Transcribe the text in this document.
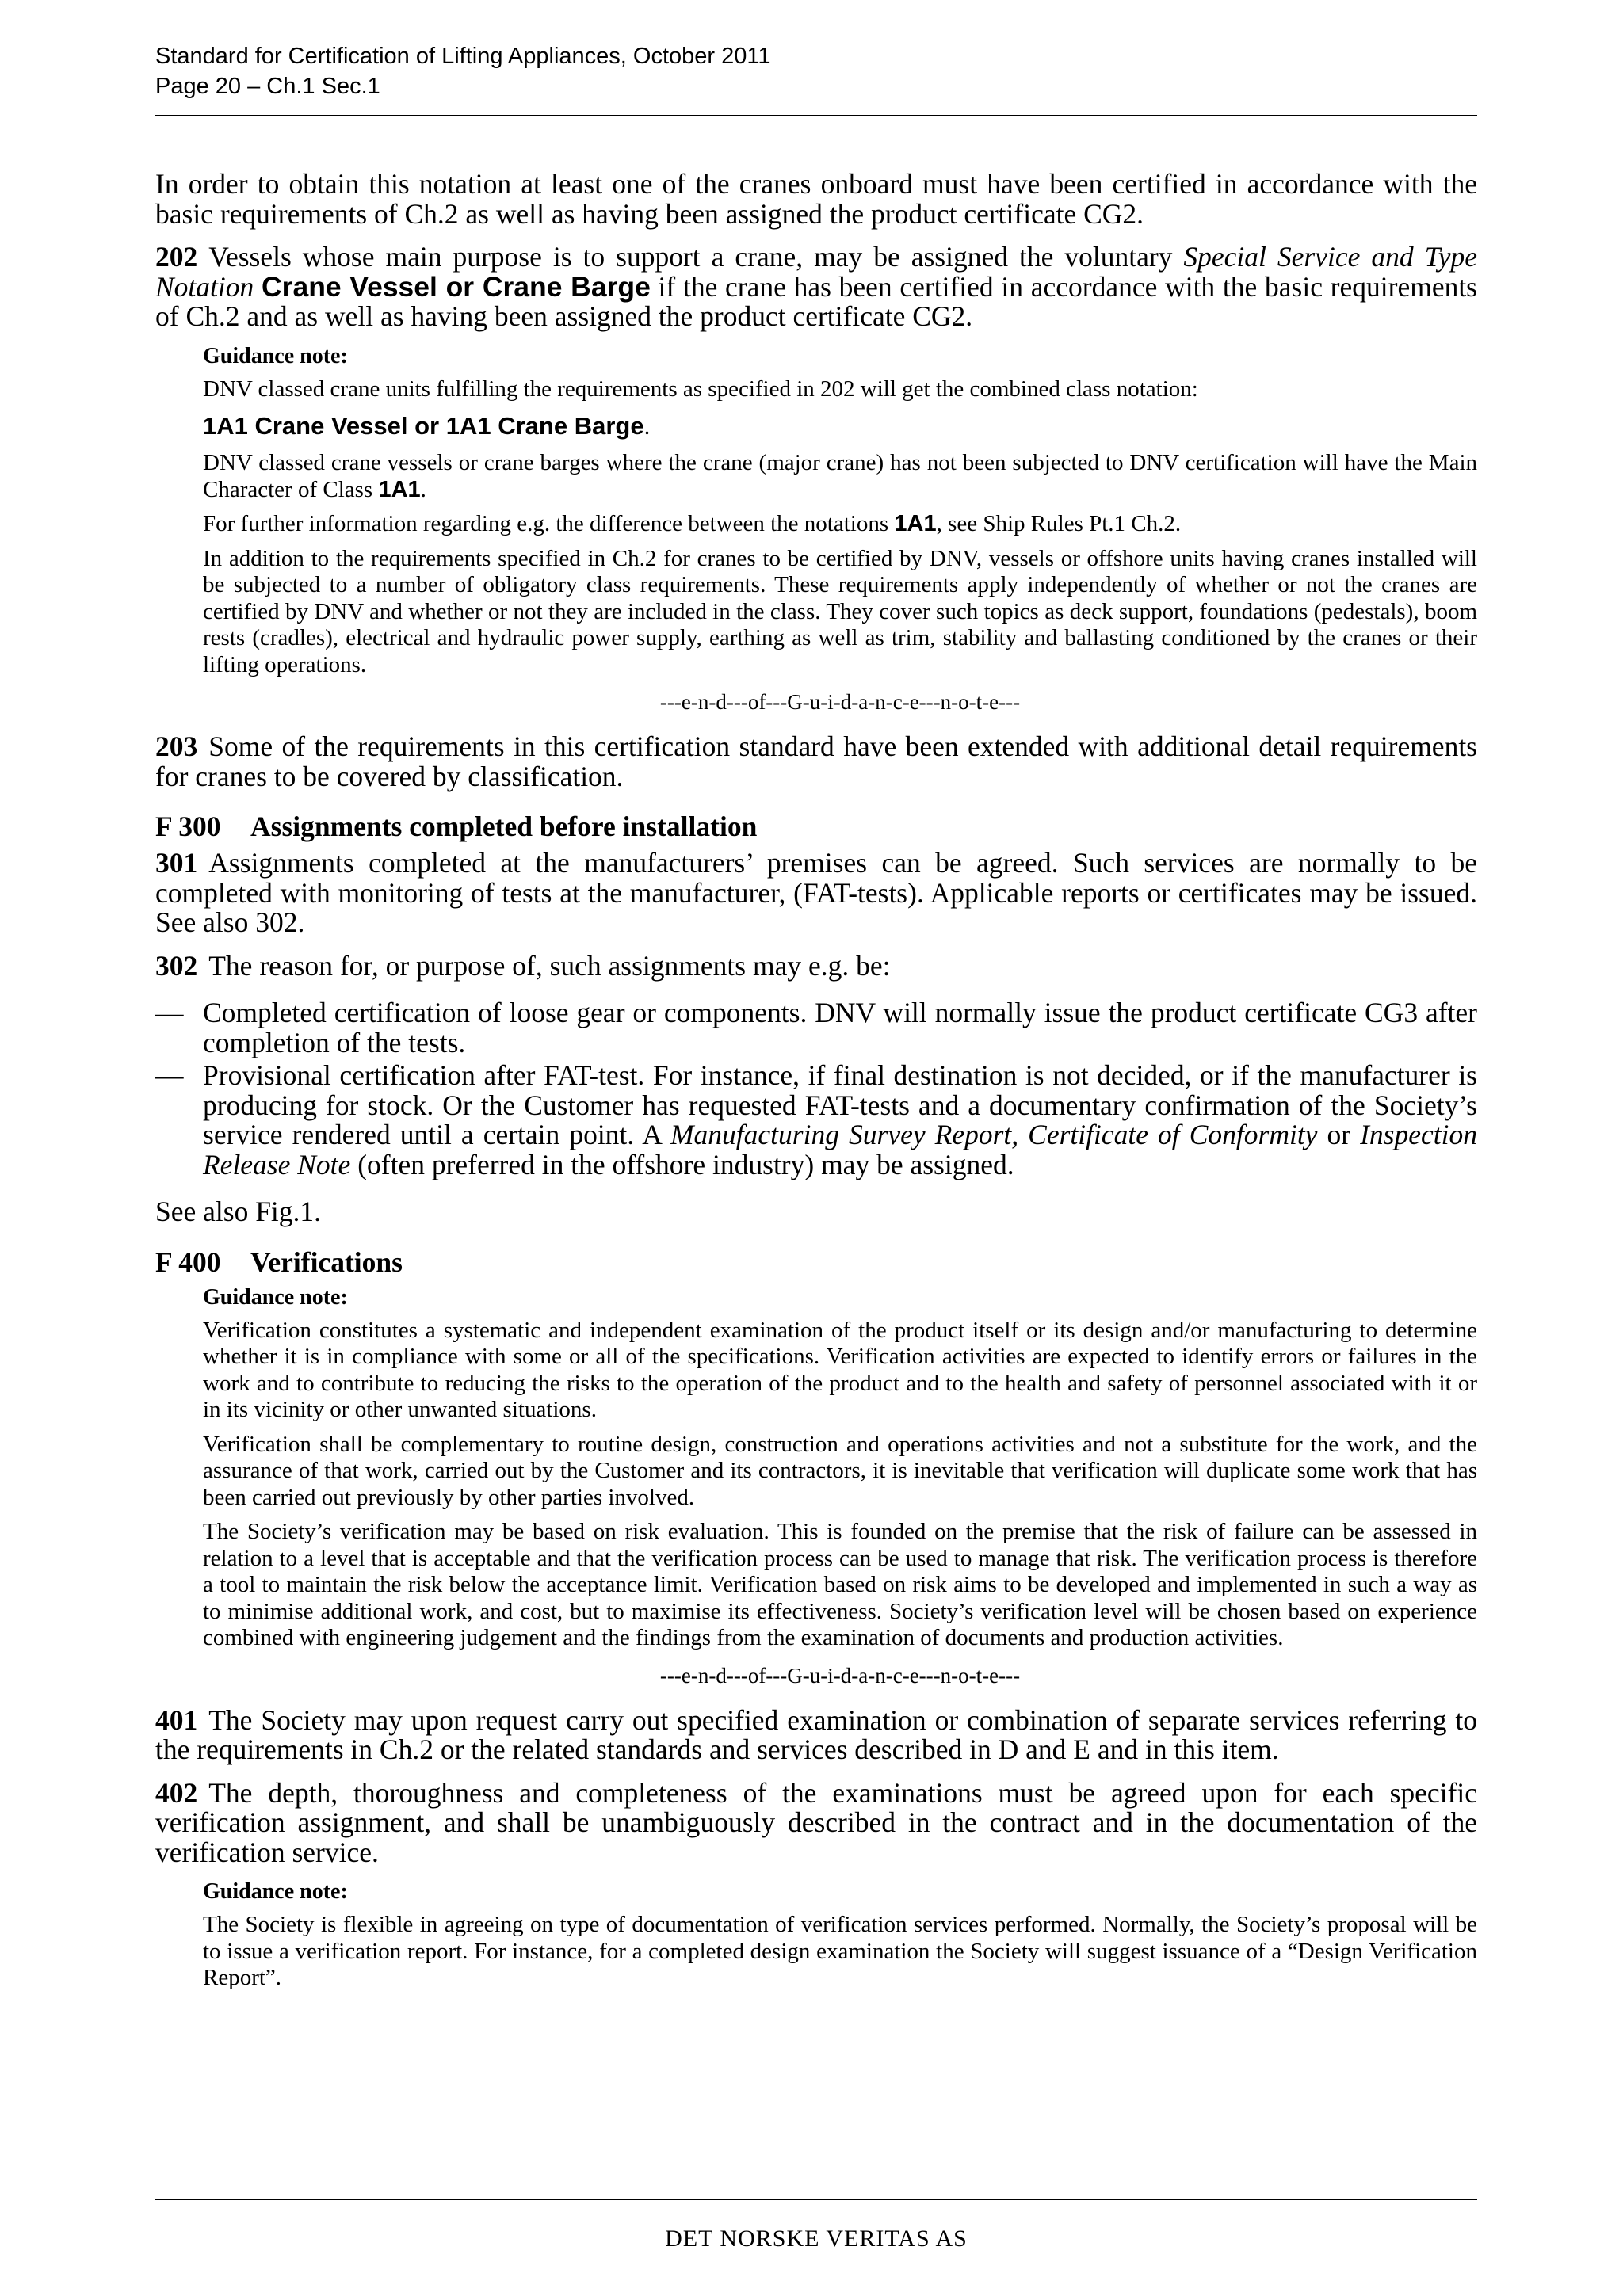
Standard for Certification of Lifting Appliances, October 2011
Page 20 – Ch.1 Sec.1

In order to obtain this notation at least one of the cranes onboard must have been certified in accordance with the basic requirements of Ch.2 as well as having been assigned the product certificate CG2.

202 Vessels whose main purpose is to support a crane, may be assigned the voluntary Special Service and Type Notation Crane Vessel or Crane Barge if the crane has been certified in accordance with the basic requirements of Ch.2 and as well as having been assigned the product certificate CG2.

Guidance note:

DNV classed crane units fulfilling the requirements as specified in 202 will get the combined class notation:

1A1 Crane Vessel or 1A1 Crane Barge.

DNV classed crane vessels or crane barges where the crane (major crane) has not been subjected to DNV certification will have the Main Character of Class 1A1.

For further information regarding e.g. the difference between the notations 1A1, see Ship Rules Pt.1 Ch.2.

In addition to the requirements specified in Ch.2 for cranes to be certified by DNV, vessels or offshore units having cranes installed will be subjected to a number of obligatory class requirements. These requirements apply independently of whether or not the cranes are certified by DNV and whether or not they are included in the class. They cover such topics as deck support, foundations (pedestals), boom rests (cradles), electrical and hydraulic power supply, earthing as well as trim, stability and ballasting conditioned by the cranes or their lifting operations.

---e-n-d---of---G-u-i-d-a-n-c-e---n-o-t-e---

203 Some of the requirements in this certification standard have been extended with additional detail requirements for cranes to be covered by classification.

F 300 Assignments completed before installation

301 Assignments completed at the manufacturers’ premises can be agreed. Such services are normally to be completed with monitoring of tests at the manufacturer, (FAT-tests). Applicable reports or certificates may be issued. See also 302.

302 The reason for, or purpose of, such assignments may e.g. be:

— Completed certification of loose gear or components. DNV will normally issue the product certificate CG3 after completion of the tests.
— Provisional certification after FAT-test. For instance, if final destination is not decided, or if the manufacturer is producing for stock. Or the Customer has requested FAT-tests and a documentary confirmation of the Society’s service rendered until a certain point. A Manufacturing Survey Report, Certificate of Conformity or Inspection Release Note (often preferred in the offshore industry) may be assigned.

See also Fig.1.

F 400 Verifications

Guidance note:

Verification constitutes a systematic and independent examination of the product itself or its design and/or manufacturing to determine whether it is in compliance with some or all of the specifications. Verification activities are expected to identify errors or failures in the work and to contribute to reducing the risks to the operation of the product and to the health and safety of personnel associated with it or in its vicinity or other unwanted situations.

Verification shall be complementary to routine design, construction and operations activities and not a substitute for the work, and the assurance of that work, carried out by the Customer and its contractors, it is inevitable that verification will duplicate some work that has been carried out previously by other parties involved.

The Society’s verification may be based on risk evaluation. This is founded on the premise that the risk of failure can be assessed in relation to a level that is acceptable and that the verification process can be used to manage that risk. The verification process is therefore a tool to maintain the risk below the acceptance limit. Verification based on risk aims to be developed and implemented in such a way as to minimise additional work, and cost, but to maximise its effectiveness. Society’s verification level will be chosen based on experience combined with engineering judgement and the findings from the examination of documents and production activities.

---e-n-d---of---G-u-i-d-a-n-c-e---n-o-t-e---

401 The Society may upon request carry out specified examination or combination of separate services referring to the requirements in Ch.2 or the related standards and services described in D and E and in this item.

402 The depth, thoroughness and completeness of the examinations must be agreed upon for each specific verification assignment, and shall be unambiguously described in the contract and in the documentation of the verification service.

Guidance note:

The Society is flexible in agreeing on type of documentation of verification services performed. Normally, the Society’s proposal will be to issue a verification report. For instance, for a completed design examination the Society will suggest issuance of a “Design Verification Report”.

DET NORSKE VERITAS AS
